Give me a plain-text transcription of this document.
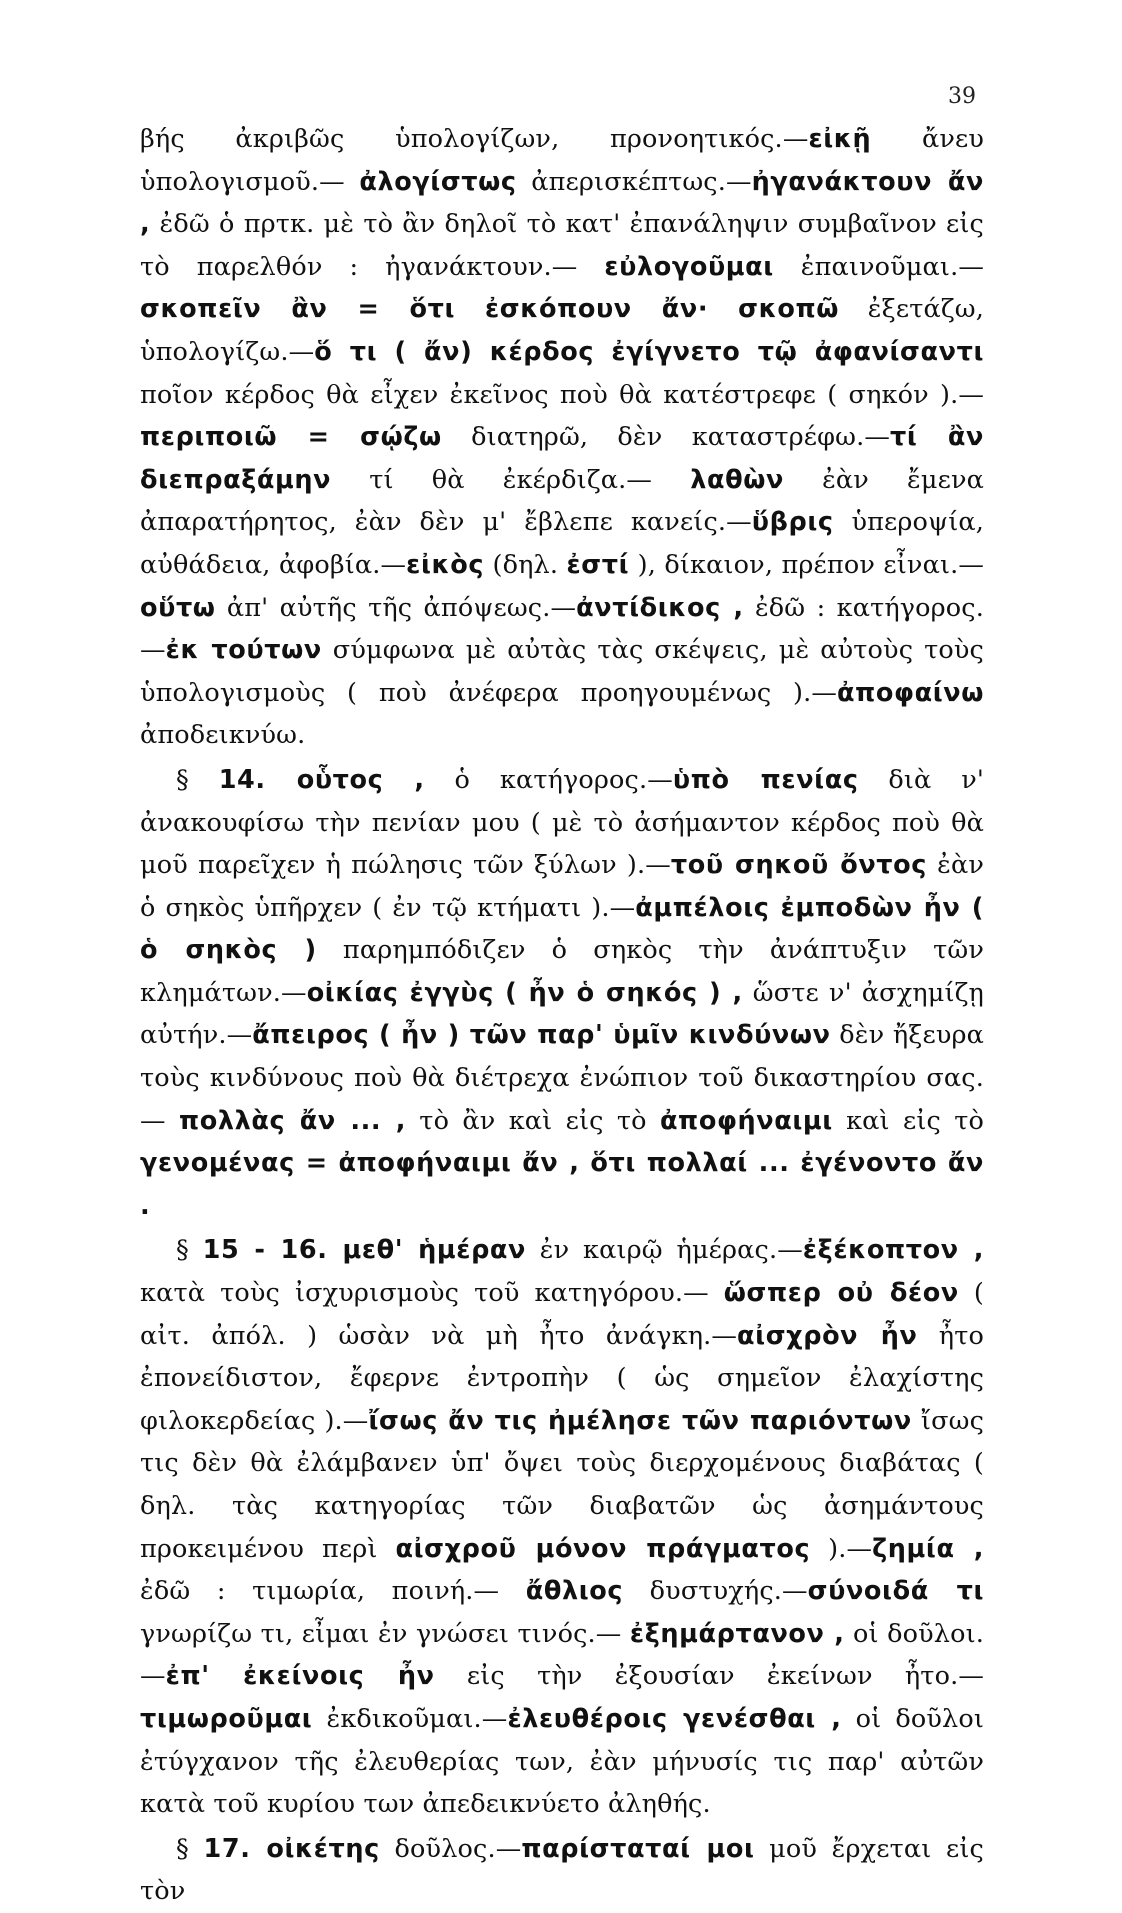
39

βής ἀκριβῶς ὑπολογίζων, προνοητικός.—εἰκῇ ἄνευ ὑπολογισμοῦ.— ἀλογίστως ἀπερισκέπτως.—ἠγανάκτουν ἄν , ἐδῶ ὁ πρτκ. μὲ τὸ ἂν δηλοῖ τὸ κατ' ἐπανάληψιν συμβαῖνον εἰς τὸ παρελθόν : ἠγανάκτουν.— εὐλογοῦμαι ἐπαινοῦμαι.—σκοπεῖν ἂν = ὅτι ἐσκόπουν ἄν· σκοπῶ ἐξετάζω, ὑπολογίζω.—ὅ τι ( ἄν) κέρδος ἐγίγνετο τῷ ἀφανίσαντι ποῖον κέρδος θὰ εἶχεν ἐκεῖνος ποὺ θὰ κατέστρεφε ( σηκόν ).—περιποιῶ = σῴζω διατηρῶ, δὲν καταστρέφω.—τί ἂν διεπραξάμην τί θὰ ἐκέρδιζα.— λαθὼν ἐὰν ἔμενα ἀπαρατήρητος, ἐὰν δὲν μ' ἔβλεπε κανείς.—ὕβρις ὑπεροψία, αὐθάδεια, ἀφοβία.—εἰκὸς (δηλ. ἐστί ), δίκαιον, πρέπον εἶναι.—οὕτω ἀπ' αὐτῆς τῆς ἀπόψεως.—ἀντίδικος , ἐδῶ : κατήγορος.—ἐκ τούτων σύμφωνα μὲ αὐτὰς τὰς σκέψεις, μὲ αὐτοὺς τοὺς ὑπολογισμοὺς ( ποὺ ἀνέφερα προηγουμένως ).—ἀποφαίνω ἀποδεικνύω.

§ 14. οὗτος , ὁ κατήγορος.—ὑπὸ πενίας διὰ ν' ἀνακουφίσω τὴν πενίαν μου ( μὲ τὸ ἀσήμαντον κέρδος ποὺ θὰ μοῦ παρεῖχεν ἡ πώλησις τῶν ξύλων ).—τοῦ σηκοῦ ὄντος ἐὰν ὁ σηκὸς ὑπῆρχεν ( ἐν τῷ κτήματι ).—ἀμπέλοις ἐμποδὼν ἦν ( ὁ σηκὸς ) παρημπόδιζεν ὁ σηκὸς τὴν ἀνάπτυξιν τῶν κλημάτων.—οἰκίας ἐγγὺς ( ἦν ὁ σηκός ) , ὥστε ν' ἀσχημίζῃ αὐτήν.—ἄπειρος ( ἦν ) τῶν παρ' ὑμῖν κινδύνων δὲν ἤξευρα τοὺς κινδύνους ποὺ θὰ διέτρεχα ἐνώπιον τοῦ δικαστηρίου σας.— πολλὰς ἄν ... , τὸ ἂν καὶ εἰς τὸ ἀποφήναιμι καὶ εἰς τὸ γενομένας = ἀποφήναιμι ἄν , ὅτι πολλαί ... ἐγένοντο ἄν .

§ 15 - 16. μεθ' ἡμέραν ἐν καιρῷ ἡμέρας.—ἐξέκοπτον , κατὰ τοὺς ἰσχυρισμοὺς τοῦ κατηγόρου.— ὥσπερ οὐ δέον ( αἰτ. ἀπόλ. ) ὡσὰν νὰ μὴ ἦτο ἀνάγκη.—αἰσχρὸν ἦν ἦτο ἐπονείδιστον, ἔφερνε ἐντροπὴν ( ὡς σημεῖον ἐλαχίστης φιλοκερδείας ).—ἴσως ἄν τις ἠμέλησε τῶν παριόντων ἴσως τις δὲν θὰ ἐλάμβανεν ὑπ' ὄψει τοὺς διερχομένους διαβάτας ( δηλ. τὰς κατηγορίας τῶν διαβατῶν ὡς ἀσημάντους προκειμένου περὶ αἰσχροῦ μόνον πράγματος ).—ζημία , ἐδῶ : τιμωρία, ποινή.— ἄθλιος δυστυχής.—σύνοιδά τι γνωρίζω τι, εἶμαι ἐν γνώσει τινός.— ἐξημάρτανον , οἱ δοῦλοι.—ἐπ' ἐκείνοις ἦν εἰς τὴν ἐξουσίαν ἐκείνων ἦτο.—τιμωροῦμαι ἐκδικοῦμαι.—ἐλευθέροις γενέσθαι , οἱ δοῦλοι ἐτύγχανον τῆς ἐλευθερίας των, ἐὰν μήνυσίς τις παρ' αὐτῶν κατὰ τοῦ κυρίου των ἀπεδεικνύετο ἀληθής.

§ 17. οἰκέτης δοῦλος.—παρίσταταί μοι μοῦ ἔρχεται εἰς τὸν
